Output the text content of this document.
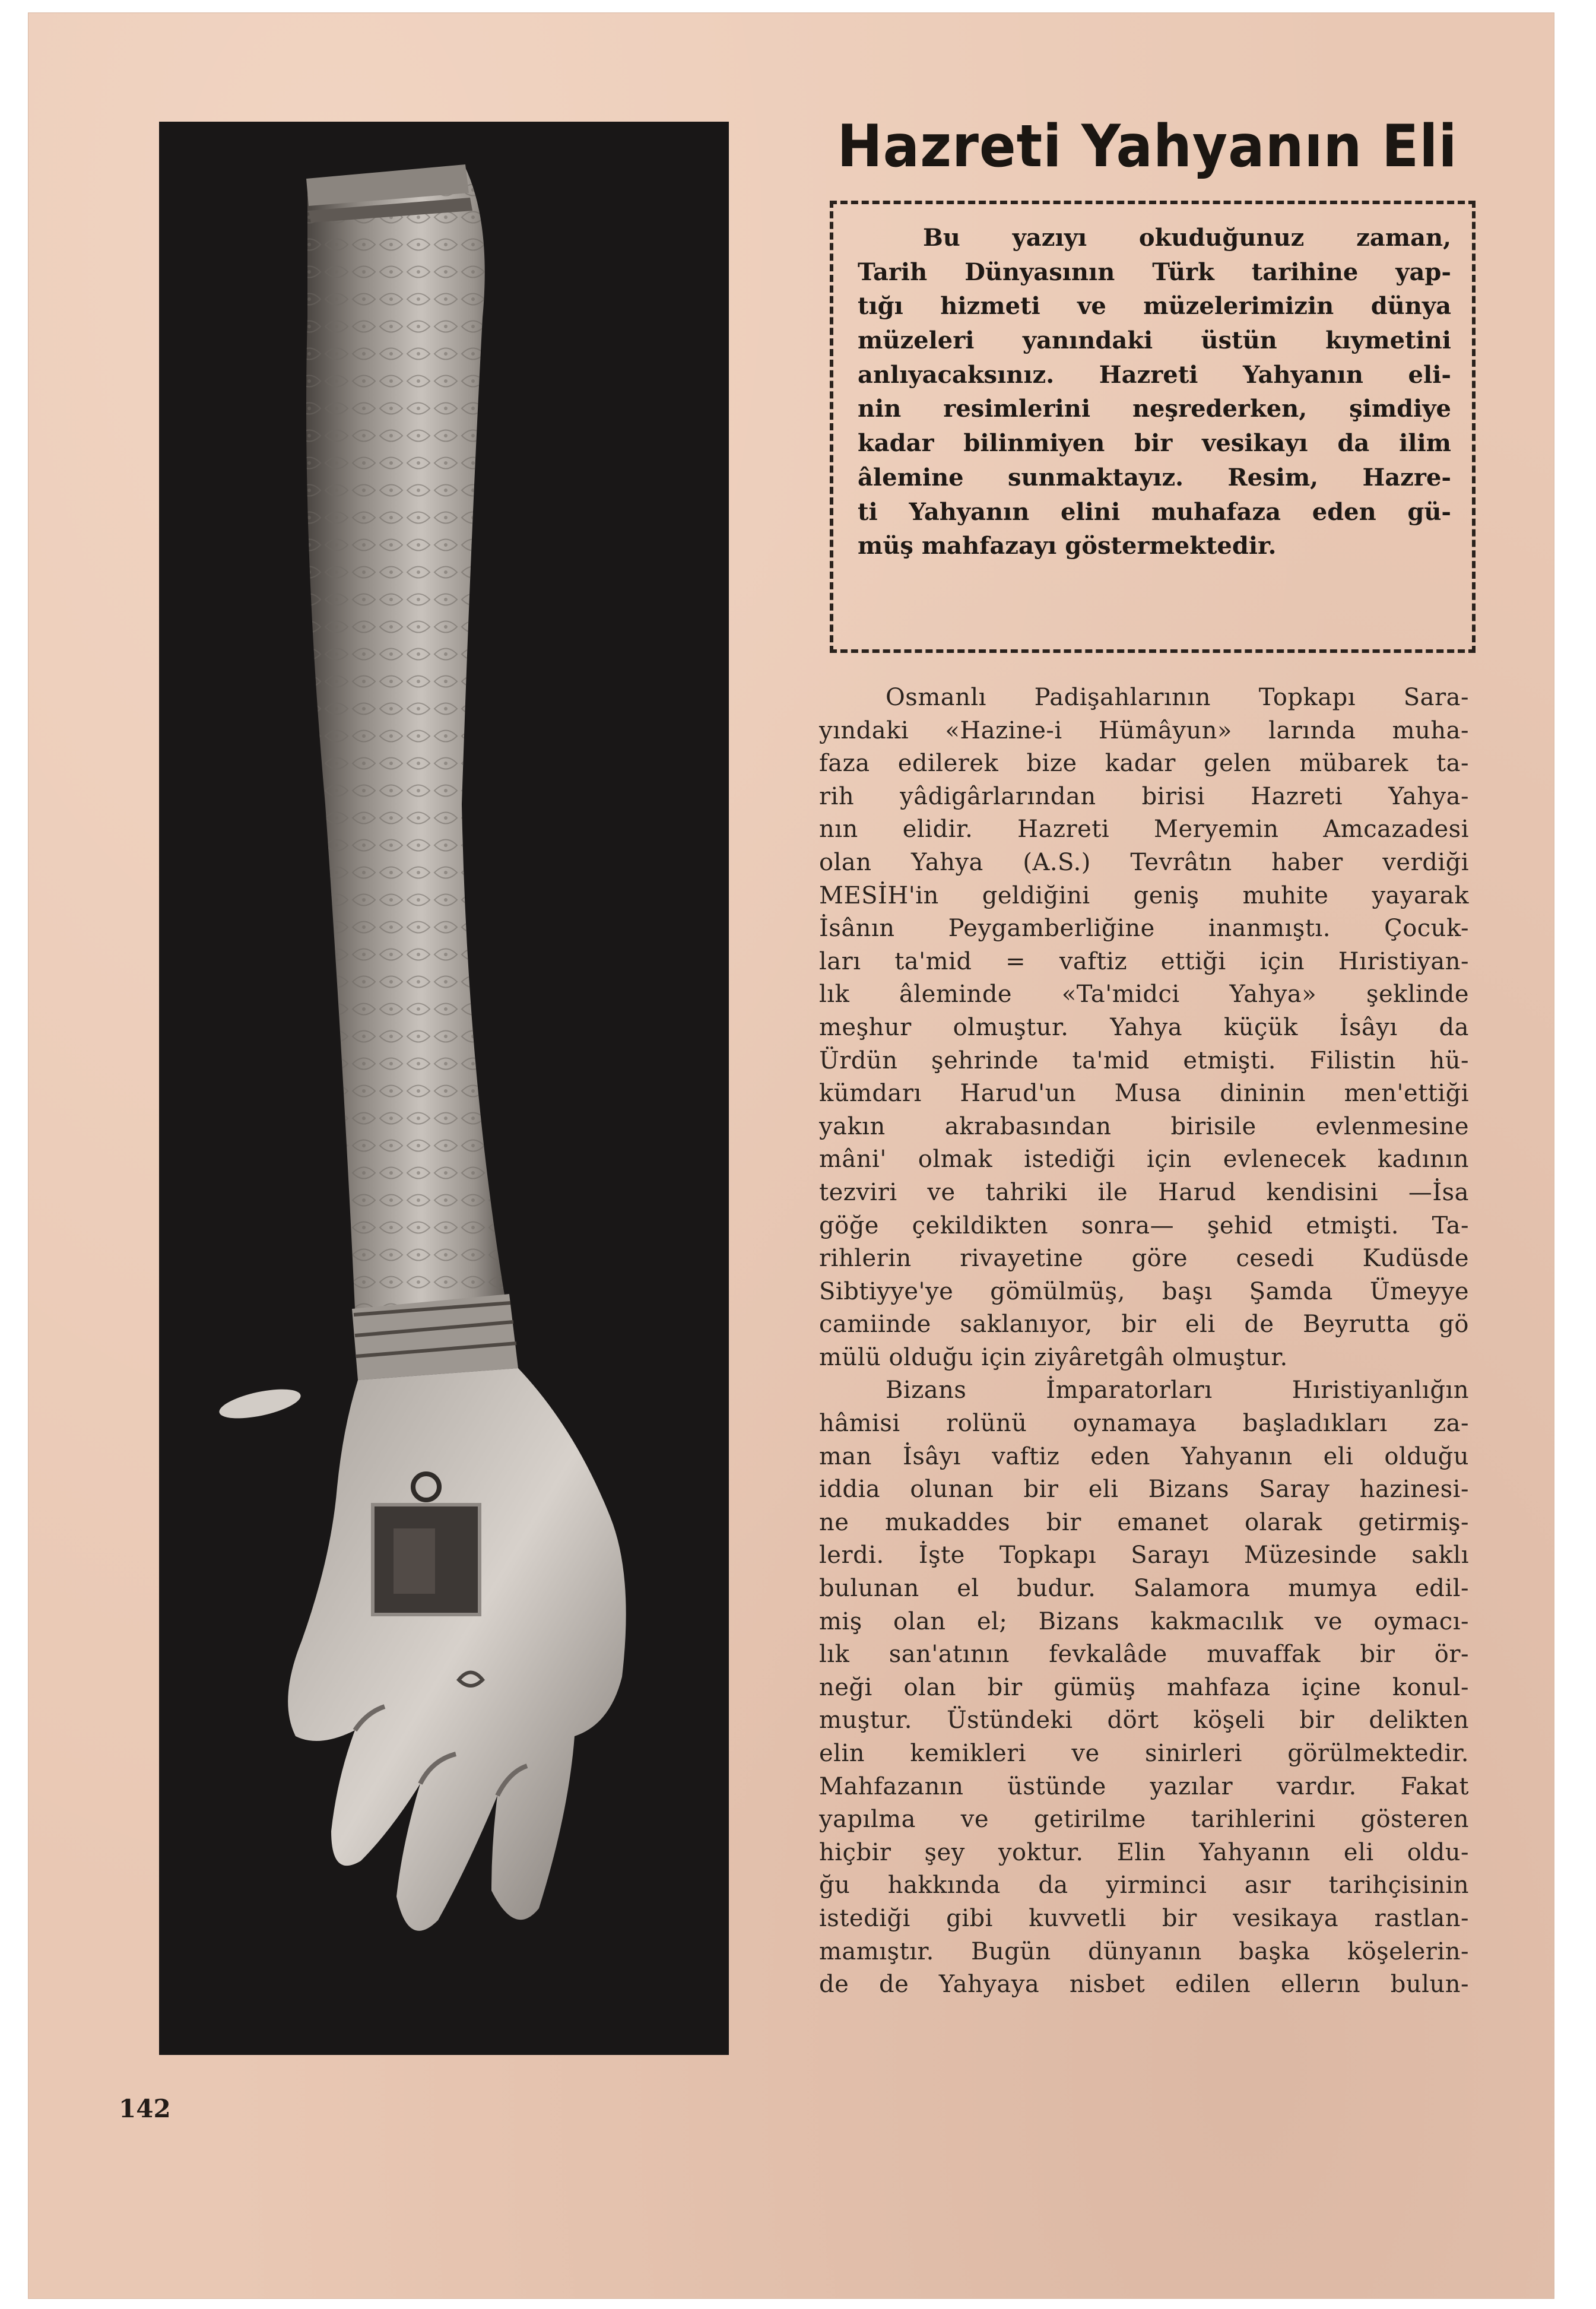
Hazreti Yahyanın Eli
Bu yazıyı okuduğunuz zaman,
Tarih Dünyasının Türk tarihine yap-
tığı hizmeti ve müzelerimizin dünya
müzeleri yanındaki üstün kıymetini
anlıyacaksınız. Hazreti Yahyanın eli-
nin resimlerini neşrederken, şimdiye
kadar bilinmiyen bir vesikayı da ilim
âlemine sunmaktayız. Resim, Hazre-
ti Yahyanın elini muhafaza eden gü-
müş mahfazayı göstermektedir.
Osmanlı Padişahlarının Topkapı Sara-
yındaki «Hazine-i Hümâyun» larında muha-
faza edilerek bize kadar gelen mübarek ta-
rih yâdigârlarından birisi Hazreti Yahya-
nın elidir. Hazreti Meryemin Amcazadesi
olan Yahya (A.S.) Tevrâtın haber verdiği
MESİH'in geldiğini geniş muhite yayarak
İsânın Peygamberliğine inanmıştı. Çocuk-
ları ta'mid = vaftiz ettiği için Hıristiyan-
lık âleminde «Ta'midci Yahya» şeklinde
meşhur olmuştur. Yahya küçük İsâyı da
Ürdün şehrinde ta'mid etmişti. Filistin hü-
kümdarı Harud'un Musa dininin men'ettiği
yakın akrabasından birisile evlenmesine
mâni' olmak istediği için evlenecek kadının
tezviri ve tahriki ile Harud kendisini —İsa
göğe çekildikten sonra— şehid etmişti. Ta-
rihlerin rivayetine göre cesedi Kudüsde
Sibtiyye'ye gömülmüş, başı Şamda Ümeyye
camiinde saklanıyor, bir eli de Beyrutta gö
mülü olduğu için ziyâretgâh olmuştur.
Bizans İmparatorları Hıristiyanlığın
hâmisi rolünü oynamaya başladıkları za-
man İsâyı vaftiz eden Yahyanın eli olduğu
iddia olunan bir eli Bizans Saray hazinesi-
ne mukaddes bir emanet olarak getirmiş-
lerdi. İşte Topkapı Sarayı Müzesinde saklı
bulunan el budur. Salamora mumya edil-
miş olan el; Bizans kakmacılık ve oymacı-
lık san'atının fevkalâde muvaffak bir ör-
neği olan bir gümüş mahfaza içine konul-
muştur. Üstündeki dört köşeli bir delikten
elin kemikleri ve sinirleri görülmektedir.
Mahfazanın üstünde yazılar vardır. Fakat
yapılma ve getirilme tarihlerini gösteren
hiçbir şey yoktur. Elin Yahyanın eli oldu-
ğu hakkında da yirminci asır tarihçisinin
istediği gibi kuvvetli bir vesikaya rastlan-
mamıştır. Bugün dünyanın başka köşelerin-
de de Yahyaya nisbet edilen ellerın bulun-
142
